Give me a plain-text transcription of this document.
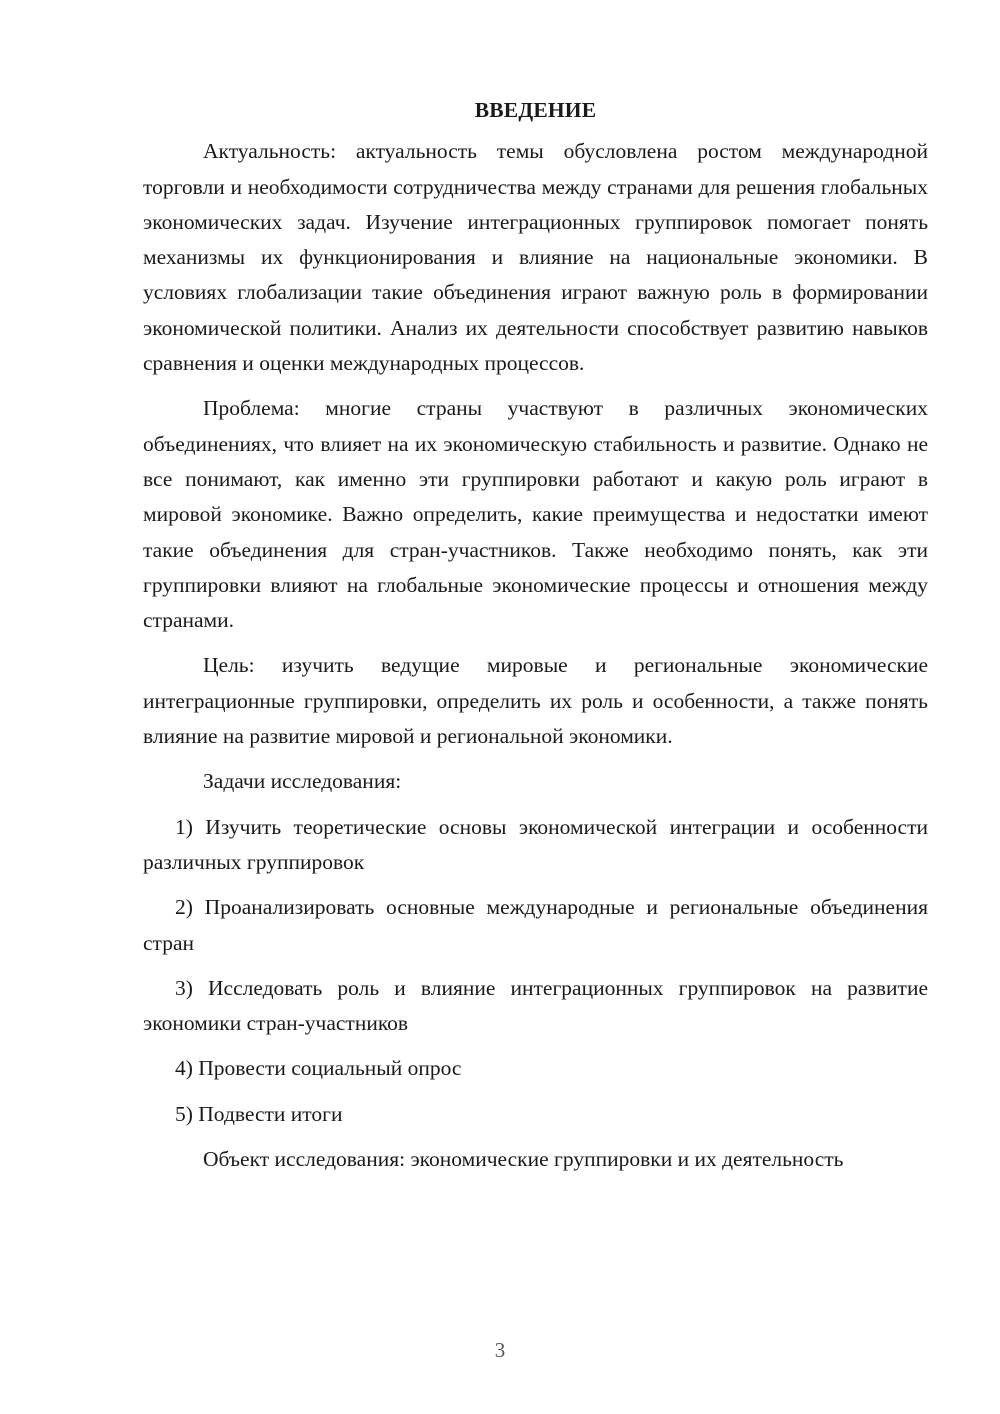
ВВЕДЕНИЕ

Актуальность: актуальность темы обусловлена ростом международной торговли и необходимости сотрудничества между странами для решения глобальных экономических задач. Изучение интеграционных группировок помогает понять механизмы их функционирования и влияние на национальные экономики. В условиях глобализации такие объединения играют важную роль в формировании экономической политики. Анализ их деятельности способствует развитию навыков сравнения и оценки международных процессов.

Проблема: многие страны участвуют в различных экономических объединениях, что влияет на их экономическую стабильность и развитие. Однако не все понимают, как именно эти группировки работают и какую роль играют в мировой экономике. Важно определить, какие преимущества и недостатки имеют такие объединения для стран-участников. Также необходимо понять, как эти группировки влияют на глобальные экономические процессы и отношения между странами.

Цель: изучить ведущие мировые и региональные экономические интеграционные группировки, определить их роль и особенности, а также понять влияние на развитие мировой и региональной экономики.

Задачи исследования:

1) Изучить теоретические основы экономической интеграции и особенности различных группировок

2) Проанализировать основные международные и региональные объединения стран

3) Исследовать роль и влияние интеграционных группировок на развитие экономики стран-участников

4) Провести социальный опрос

5) Подвести итоги

Объект исследования: экономические группировки и их деятельность

3
